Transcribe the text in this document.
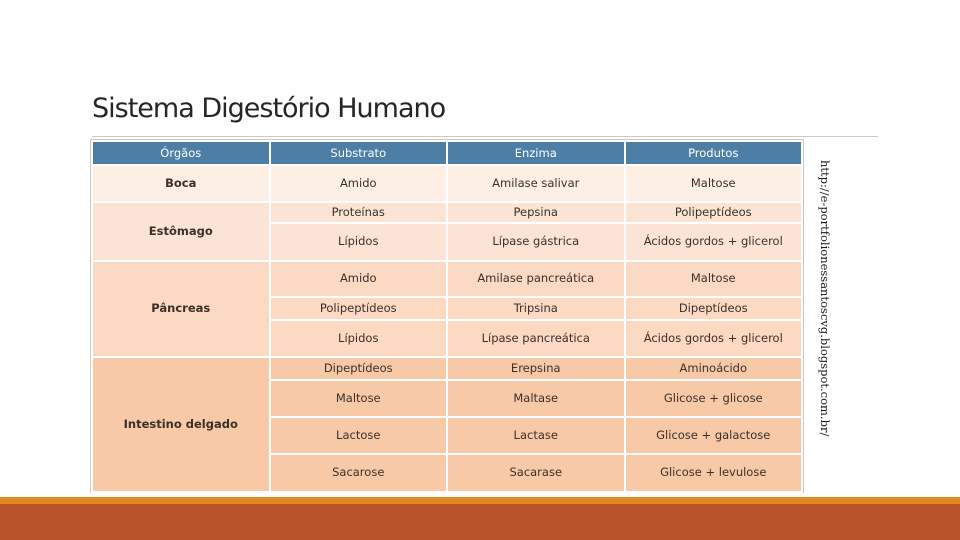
Sistema Digestório Humano
Órgãos	Substrato	Enzima	Produtos
Boca	Amido	Amilase salivar	Maltose
Estômago	Proteínas	Pepsina	Polipeptídeos
	Lípidos	Lípase gástrica	Ácidos gordos + glicerol
Pâncreas	Amido	Amilase pancreática	Maltose
	Polipeptídeos	Tripsina	Dipeptídeos
	Lípidos	Lípase pancreática	Ácidos gordos + glicerol
Intestino delgado	Dipeptídeos	Erepsina	Aminoácido
	Maltose	Maltase	Glicose + glicose
	Lactose	Lactase	Glicose + galactose
	Sacarose	Sacarase	Glicose + levulose
http://e-portfolionessantoscvg.blogspot.com.br/
